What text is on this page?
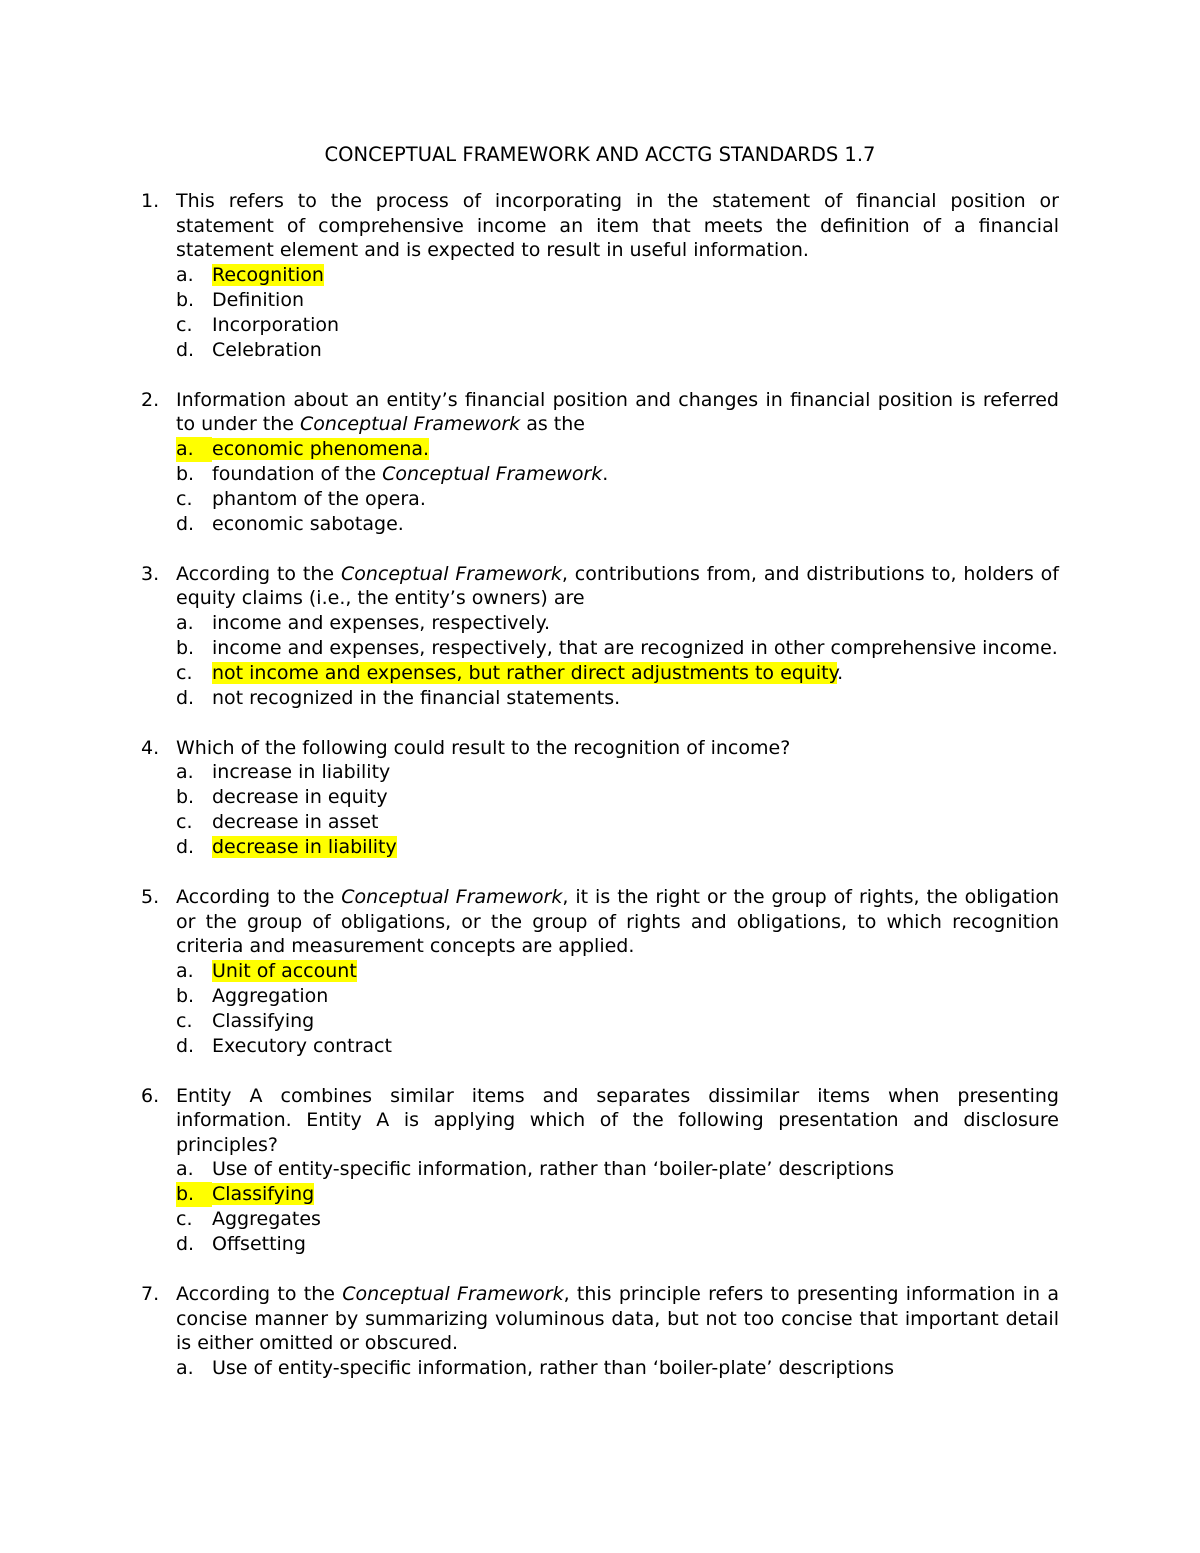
CONCEPTUAL FRAMEWORK AND ACCTG STANDARDS 1.7
1. This refers to the process of incorporating in the statement of financial position or statement of comprehensive income an item that meets the definition of a financial statement element and is expected to result in useful information.
a. Recognition
b. Definition
c.	Incorporation
d. Celebration
2. Information about an entity’s financial position and changes in financial position is referred to under the Conceptual Framework as the
a. economic phenomena.
b. foundation of the Conceptual Framework.
c.	phantom of the opera.
d. economic sabotage.
3. According to the Conceptual Framework, contributions from, and distributions to, holders of equity claims (i.e., the entity’s owners) are
a. income and expenses, respectively.
b. income and expenses, respectively, that are recognized in other comprehensive income.
c.	not income and expenses, but rather direct adjustments to equity.
d. not recognized in the financial statements.
4. Which of the following could result to the recognition of income?
a. increase in liability
b. decrease in equity
c.	decrease in asset
d. decrease in liability
5. According to the Conceptual Framework, it is the right or the group of rights, the obligation or the group of obligations, or the group of rights and obligations, to which recognition criteria and measurement concepts are applied.
a. Unit of account
b. Aggregation
c.	Classifying
d. Executory contract
6. Entity A combines similar items and separates dissimilar items when presenting information. Entity A is applying which of the following presentation and disclosure principles?
a. Use of entity-specific information, rather than ‘boiler-plate’ descriptions
b. Classifying
c.	Aggregates
d. Offsetting
7. According to the Conceptual Framework, this principle refers to presenting information in a concise manner by summarizing voluminous data, but not too concise that important detail is either omitted or obscured.
a. Use of entity-specific information, rather than ‘boiler-plate’ descriptions
